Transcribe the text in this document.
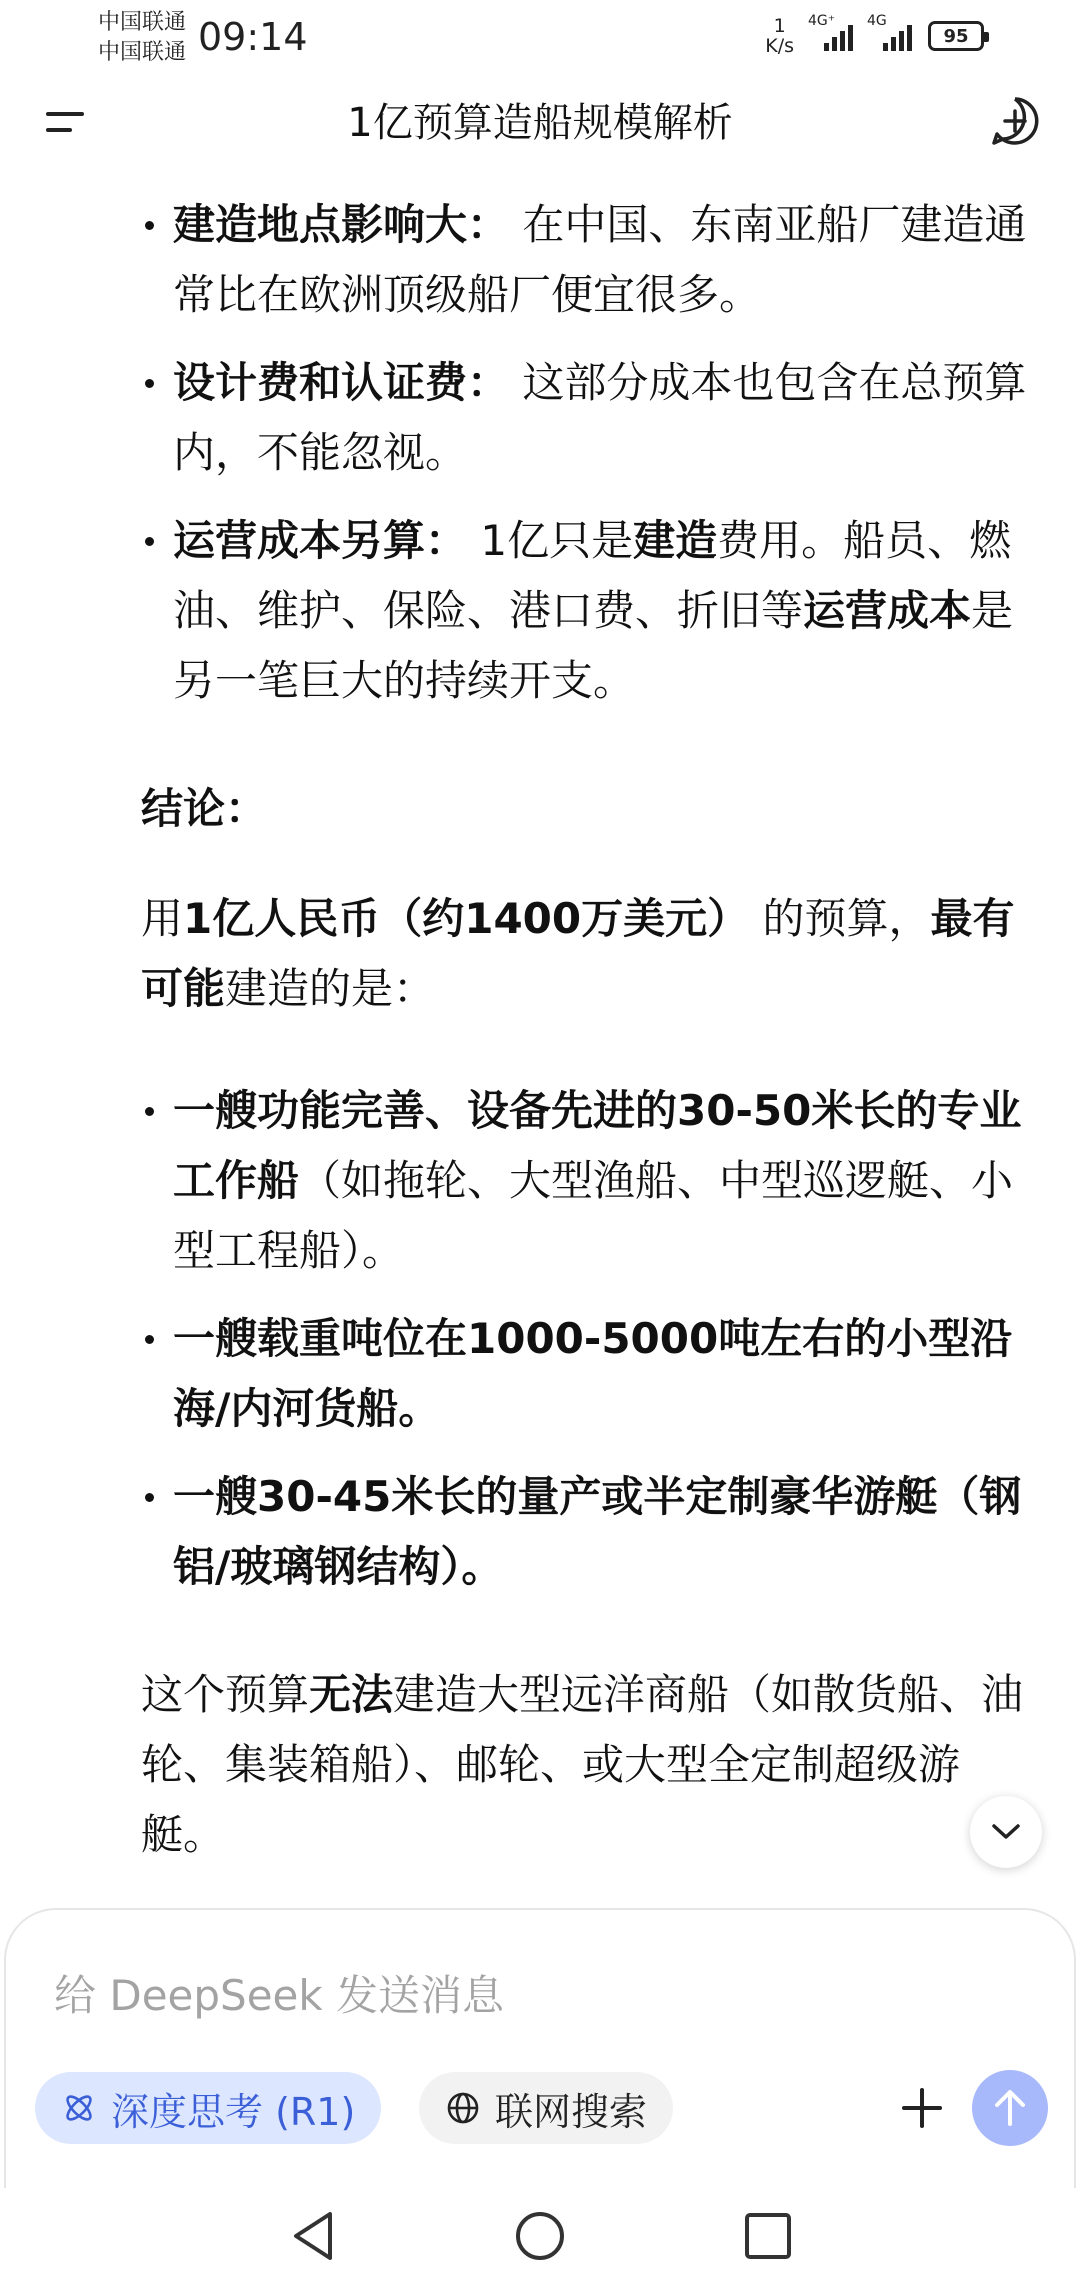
中国联通
中国联通 09:14	1
K/s
4G⁺ 4G
95
1亿预算造船规模解析
建造地点影响大： 在中国、东南亚船厂建造通常比在欧洲顶级船厂便宜很多。
设计费和认证费： 这部分成本也包含在总预算内，不能忽视。
运营成本另算： 1亿只是建造费用。船员、燃油、维护、保险、港口费、折旧等运营成本是另一笔巨大的持续开支。
结论：
用1亿人民币（约1400万美元） 的预算，最有可能建造的是：
一艘功能完善、设备先进的30-50米长的专业工作船（如拖轮、大型渔船、中型巡逻艇、小型工程船）。
一艘载重吨位在1000-5000吨左右的小型沿海/内河货船。
一艘30-45米长的量产或半定制豪华游艇（钢铝/玻璃钢结构）。
这个预算无法建造大型远洋商船（如散货船、油轮、集装箱船）、邮轮、或大型全定制超级游艇。
给 DeepSeek 发送消息
深度思考 (R1)	联网搜索
